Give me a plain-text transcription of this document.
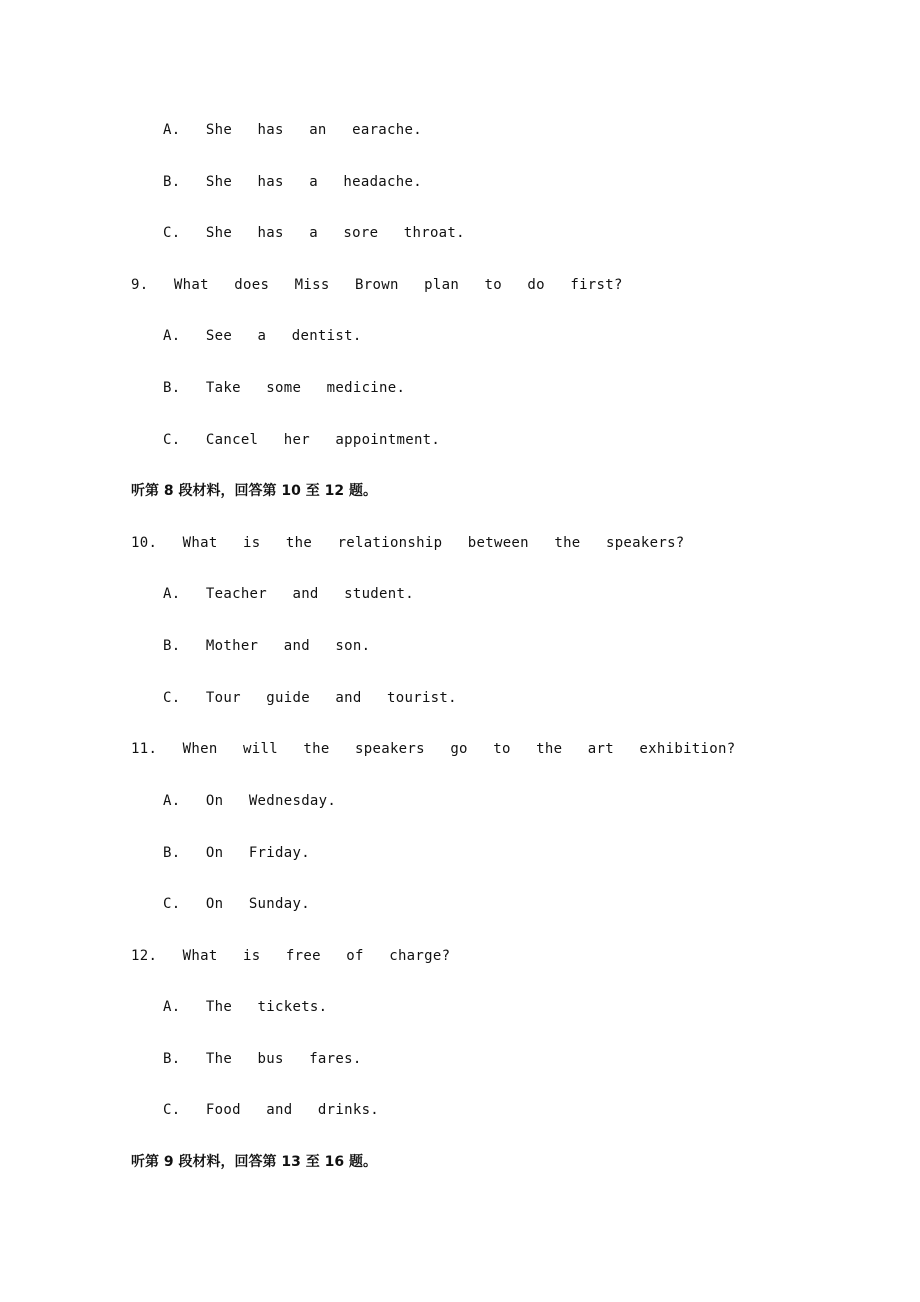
A.  She  has  an  earache.
B.  She  has  a  headache.
C.  She  has  a  sore  throat.
9.  What  does  Miss  Brown  plan  to  do  first?
A.  See  a  dentist.
B.  Take  some  medicine.
C.  Cancel  her  appointment.
听第 8 段材料，回答第 10 至 12 题。
10.  What  is  the  relationship  between  the  speakers?
A.  Teacher  and  student.
B.  Mother  and  son.
C.  Tour  guide  and  tourist.
11.  When  will  the  speakers  go  to  the  art  exhibition?
A.  On  Wednesday.
B.  On  Friday.
C.  On  Sunday.
12.  What  is  free  of  charge?
A.  The  tickets.
B.  The  bus  fares.
C.  Food  and  drinks.
听第 9 段材料，回答第 13 至 16 题。
